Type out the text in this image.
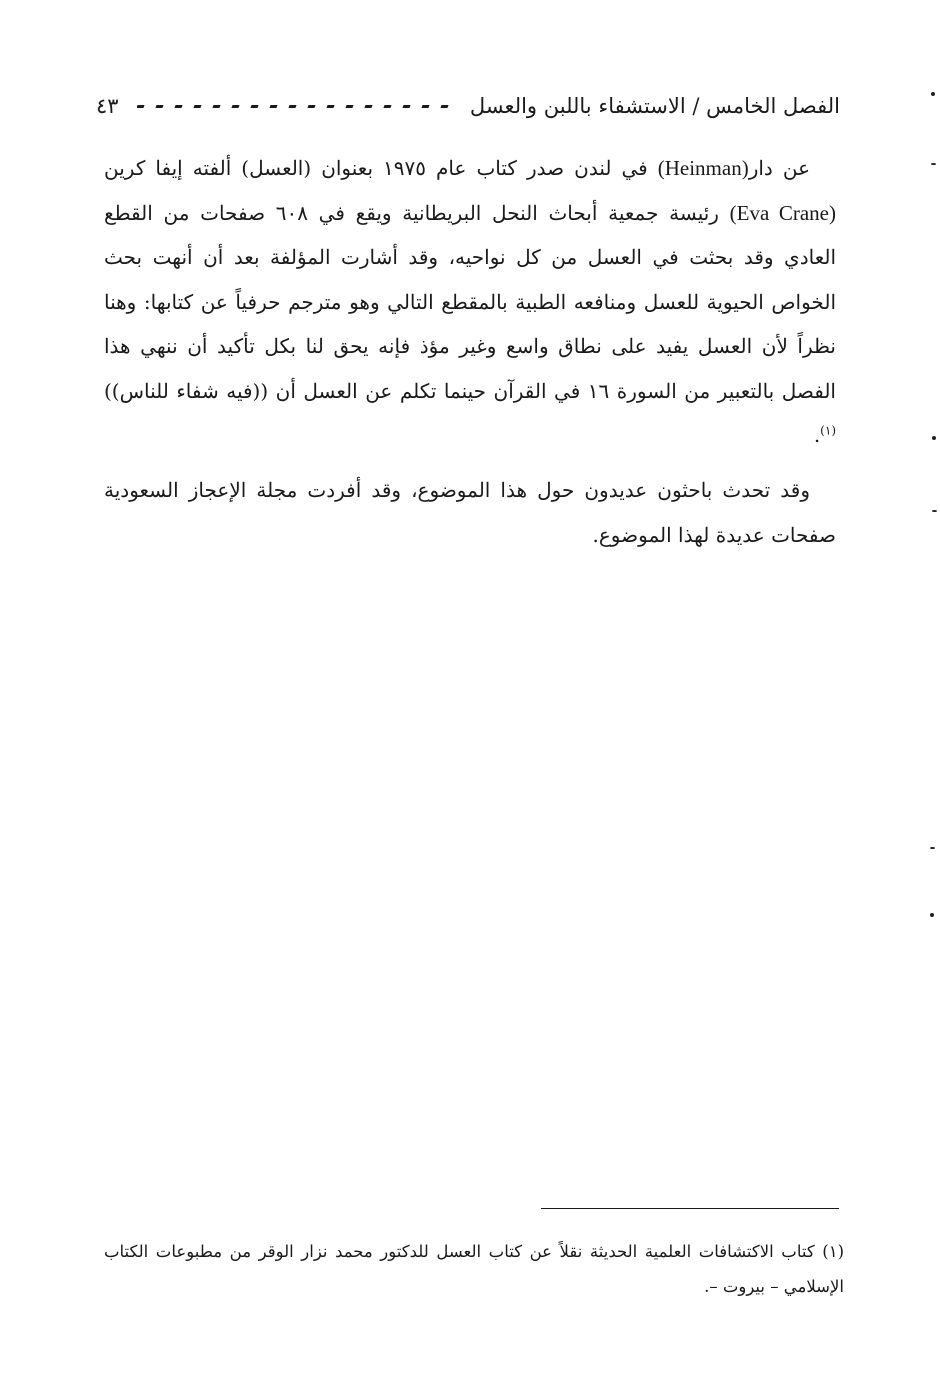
الفصل الخامس / الاستشفاء باللبن والعسل
٤٣

عن دار(Heinman) في لندن صدر كتاب عام ١٩٧٥ بعنوان (العسل) ألفته إيفا كرين (Eva Crane) رئيسة جمعية أبحاث النحل البريطانية ويقع في ٦٠٨ صفحات من القطع العادي وقد بحثت في العسل من كل نواحيه، وقد أشارت المؤلفة بعد أن أنهت بحث الخواص الحيوية للعسل ومنافعه الطبية بالمقطع التالي وهو مترجم حرفياً عن كتابها: وهنا نظراً لأن العسل يفيد على نطاق واسع وغير مؤذ فإنه يحق لنا بكل تأكيد أن ننهي هذا الفصل بالتعبير من السورة ١٦ في القرآن حينما تكلم عن العسل أن ((فيه شفاء للناس))$^{(١)}$.

وقد تحدث باحثون عديدون حول هذا الموضوع، وقد أفردت مجلة الإعجاز السعودية صفحات عديدة لهذا الموضوع.

(١) كتاب الاكتشافات العلمية الحديثة نقلاً عن كتاب العسل للدكتور محمد نزار الوقر من مطبوعات الكتاب الإسلامي – بيروت –.
